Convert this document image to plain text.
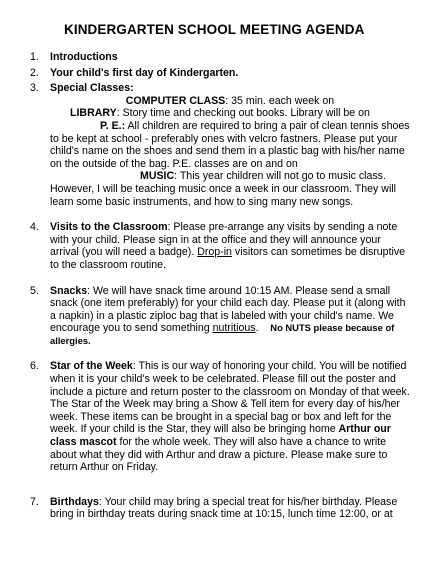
KINDERGARTEN SCHOOL MEETING AGENDA
1. Introductions
2. Your child's first day of Kindergarten.
3. Special Classes:

COMPUTER CLASS: 35 min. each week on

LIBRARY: Story time and checking out books. Library will be on

P. E.: All children are required to bring a pair of clean tennis shoes to be kept at school - preferably ones with velcro fastners. Please put your child's name on the shoes and send them in a plastic bag with his/her name on the outside of the bag. P.E. classes are on and on

MUSIC: This year children will not go to music class. However, I will be teaching music once a week in our classroom. They will learn some basic instruments, and how to sing many new songs.

4. Visits to the Classroom: Please pre-arrange any visits by sending a note with your child. Please sign in at the office and they will announce your arrival (you will need a badge). Drop-in visitors can sometimes be disruptive to the classroom routine.
5. Snacks: We will have snack time around 10:15 AM. Please send a small snack (one item preferably) for your child each day. Please put it (along with a napkin) in a plastic ziploc bag that is labeled with your child's name. We encourage you to send something nutritious. No NUTS please because of allergies.
6. Star of the Week: This is our way of honoring your child. You will be notified when it is your child's week to be celebrated. Please fill out the poster and include a picture and return poster to the classroom on Monday of that week. The Star of the Week may bring a Show & Tell item for every day of his/her week. These items can be brought in a special bag or box and left for the week. If your child is the Star, they will also be bringing home Arthur our class mascot for the whole week. They will also have a chance to write about what they did with Arthur and draw a picture. Please make sure to return Arthur on Friday.
7. Birthdays: Your child may bring a special treat for his/her birthday. Please bring in birthday treats during snack time at 10:15, lunch time 12:00, or at
